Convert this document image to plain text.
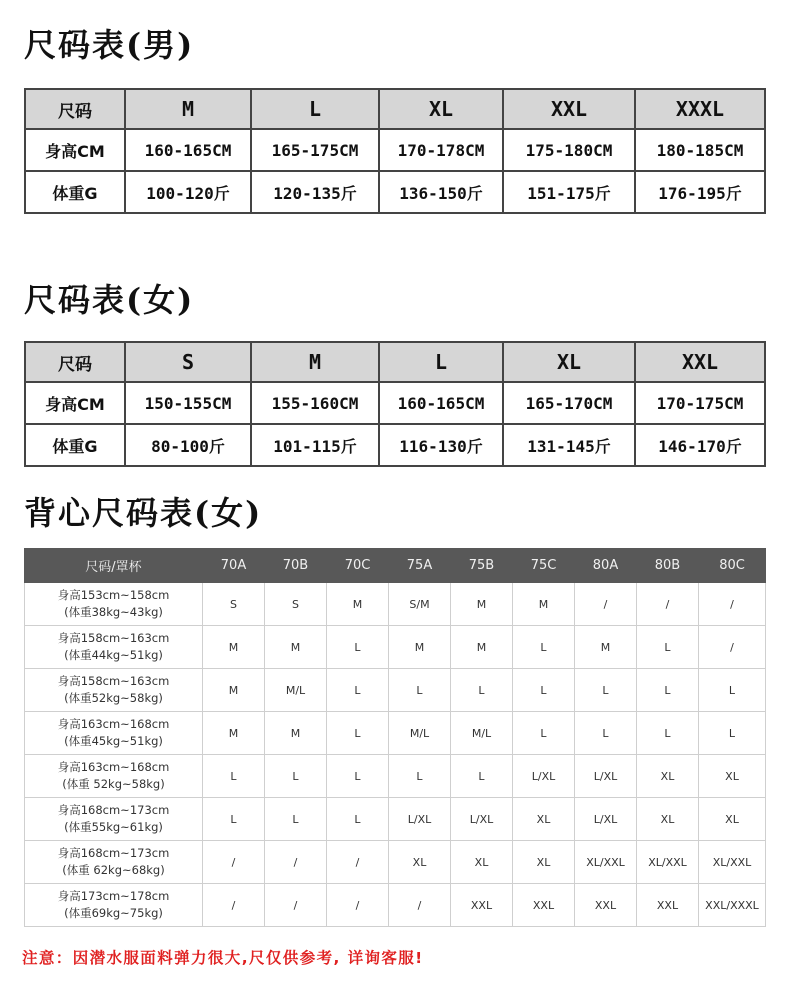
尺码表(男)
尺码	M	L	XL	XXL	XXXL
身高CM	160-165CM	165-175CM	170-178CM	175-180CM	180-185CM
体重G	100-120斤	120-135斤	136-150斤	151-175斤	176-195斤
尺码表(女)
尺码	S	M	L	XL	XXL
身高CM	150-155CM	155-160CM	160-165CM	165-170CM	170-175CM
体重G	80-100斤	101-115斤	116-130斤	131-145斤	146-170斤
背心尺码表(女)
尺码/罩杯	70A	70B	70C	75A	75B	75C	80A	80B	80C

身高153cm~158cm
(体重38kg~43kg)	S	S	M	S/M	M	M	/	/	/

身高158cm~163cm
(体重44kg~51kg)	M	M	L	M	M	L	M	L	/

身高158cm~163cm
(体重52kg~58kg)	M	M/L	L	L	L	L	L	L	L

身高163cm~168cm
(体重45kg~51kg)	M	M	L	M/L	M/L	L	L	L	L

身高163cm~168cm
(体重 52kg~58kg)	L	L	L	L	L	L/XL	L/XL	XL	XL

身高168cm~173cm
(体重55kg~61kg)	L	L	L	L/XL	L/XL	XL	L/XL	XL	XL

身高168cm~173cm
(体重 62kg~68kg)	/	/	/	XL	XL	XL	XL/XXL	XL/XXL	XL/XXL

身高173cm~178cm
(体重69kg~75kg)	/	/	/	/	XXL	XXL	XXL	XXL	XXL/XXXL
注意：因潜水服面料弹力很大,尺仅供参考, 详询客服!
